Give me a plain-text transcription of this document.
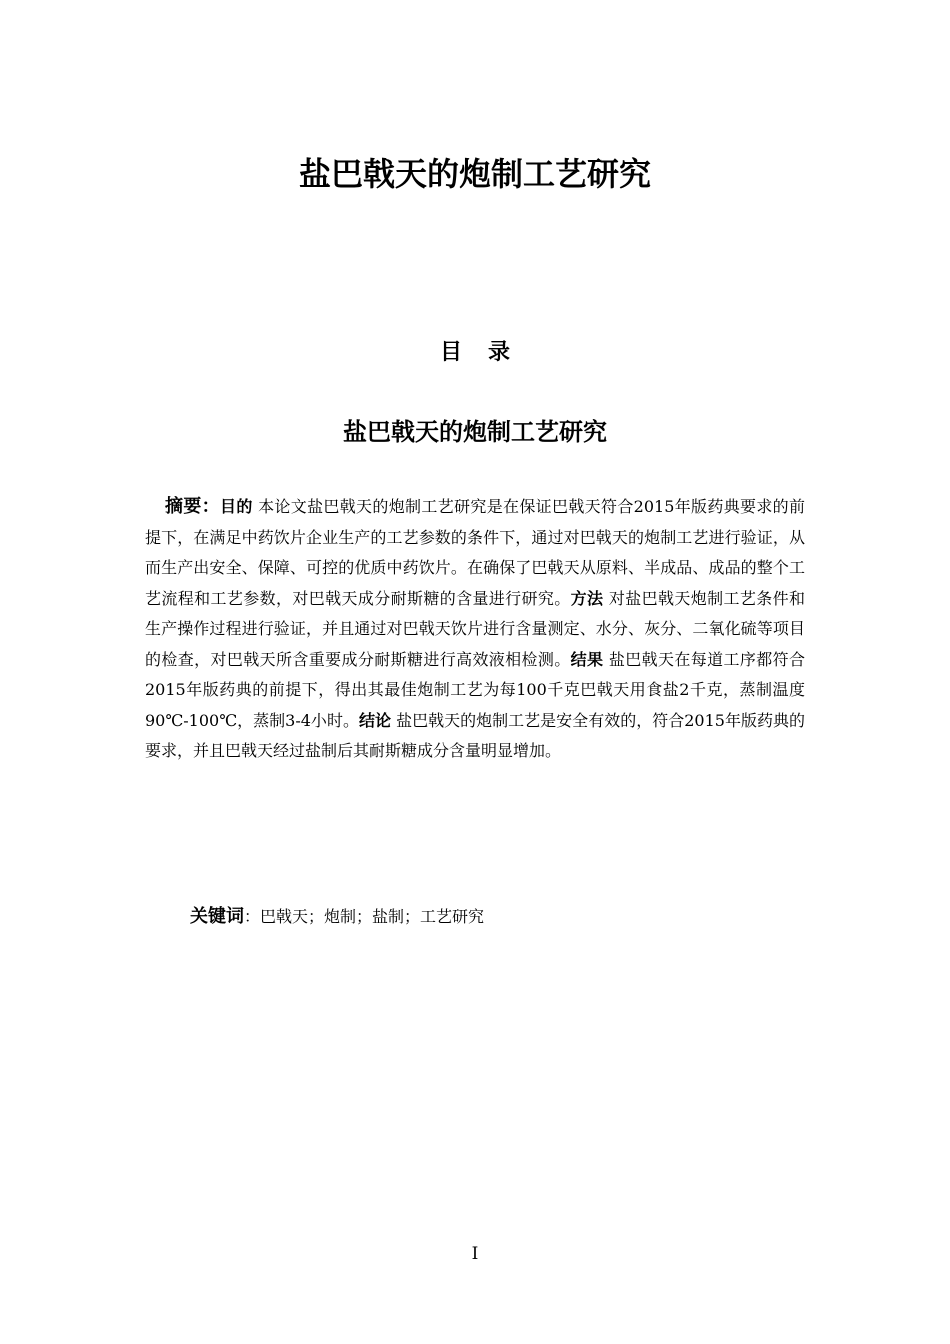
盐巴戟天的炮制工艺研究
目录
盐巴戟天的炮制工艺研究

摘要：目的 本论文盐巴戟天的炮制工艺研究是在保证巴戟天符合2015年版药典要求的前提下，在满足中药饮片企业生产的工艺参数的条件下，通过对巴戟天的炮制工艺进行验证，从而生产出安全、保障、可控的优质中药饮片。在确保了巴戟天从原料、半成品、成品的整个工艺流程和工艺参数，对巴戟天成分耐斯糖的含量进行研究。方法 对盐巴戟天炮制工艺条件和生产操作过程进行验证，并且通过对巴戟天饮片进行含量测定、水分、灰分、二氧化硫等项目的检查，对巴戟天所含重要成分耐斯糖进行高效液相检测。结果 盐巴戟天在每道工序都符合2015年版药典的前提下，得出其最佳炮制工艺为每100千克巴戟天用食盐2千克，蒸制温度90℃-100℃，蒸制3-4小时。结论 盐巴戟天的炮制工艺是安全有效的，符合2015年版药典的要求，并且巴戟天经过盐制后其耐斯糖成分含量明显增加。

关键词：巴戟天；炮制；盐制；工艺研究

I
